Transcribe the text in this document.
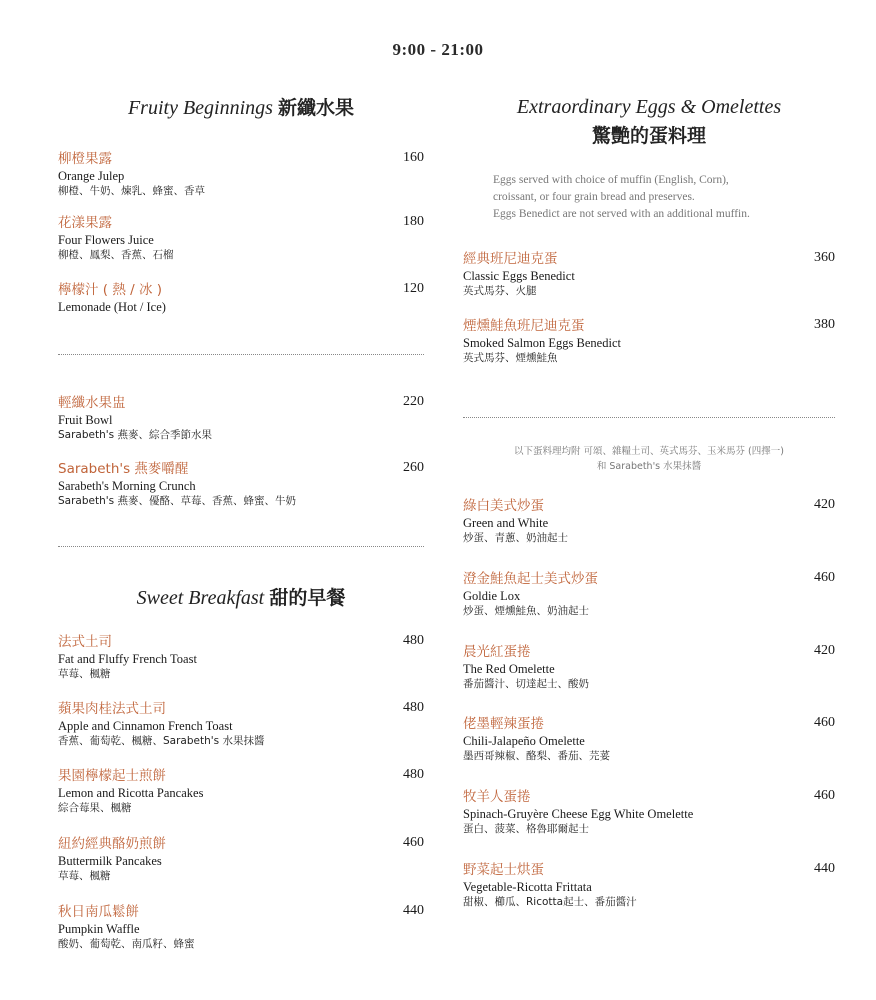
9:00 - 21:00
Fruity Beginnings 新纖水果
柳橙果露
Orange Julep
柳橙、牛奶、煉乳、蜂蜜、香草
160
花漾果露
Four Flowers Juice
柳橙、鳳梨、香蕉、石榴
180
檸檬汁 ( 熱 / 冰 )
Lemonade (Hot / Ice)
120
輕纖水果盅
Fruit Bowl
Sarabeth's 燕麥、綜合季節水果
220
Sarabeth's 燕麥嚼醒
Sarabeth's Morning Crunch
Sarabeth's 燕麥、優酪、草莓、香蕉、蜂蜜、牛奶
260
Sweet Breakfast 甜的早餐
法式土司
Fat and Fluffy French Toast
草莓、楓糖
480
蘋果肉桂法式土司
Apple and Cinnamon French Toast
香蕉、葡萄乾、楓糖、Sarabeth's 水果抹醬
480
果園檸檬起士煎餅
Lemon and Ricotta Pancakes
綜合莓果、楓糖
480
紐約經典酪奶煎餅
Buttermilk Pancakes
草莓、楓糖
460
秋日南瓜鬆餅
Pumpkin Waffle
酸奶、葡萄乾、南瓜籽、蜂蜜
440
Extraordinary Eggs & Omelettes
驚艷的蛋料理
Eggs served with choice of muffin (English, Corn),
croissant, or four grain bread and preserves.
Eggs Benedict are not served with an additional muffin.
經典班尼迪克蛋
Classic Eggs Benedict
英式馬芬、火腿
360
煙燻鮭魚班尼迪克蛋
Smoked Salmon Eggs Benedict
英式馬芬、煙燻鮭魚
380
以下蛋料理均附 可頌、雜糧土司、英式馬芬、玉米馬芬 (四擇一)
和 Sarabeth's 水果抹醬
綠白美式炒蛋
Green and White
炒蛋、青蔥、奶油起士
420
澄金鮭魚起士美式炒蛋
Goldie Lox
炒蛋、煙燻鮭魚、奶油起士
460
晨光紅蛋捲
The Red Omelette
番茄醬汁、切達起士、酸奶
420
佬墨輕辣蛋捲
Chili-Jalapeño Omelette
墨西哥辣椒、酪梨、番茄、芫荽
460
牧羊人蛋捲
Spinach-Gruyère Cheese Egg White Omelette
蛋白、菠菜、格魯耶爾起士
460
野菜起士烘蛋
Vegetable-Ricotta Frittata
甜椒、櫛瓜、Ricotta起士、番茄醬汁
440
